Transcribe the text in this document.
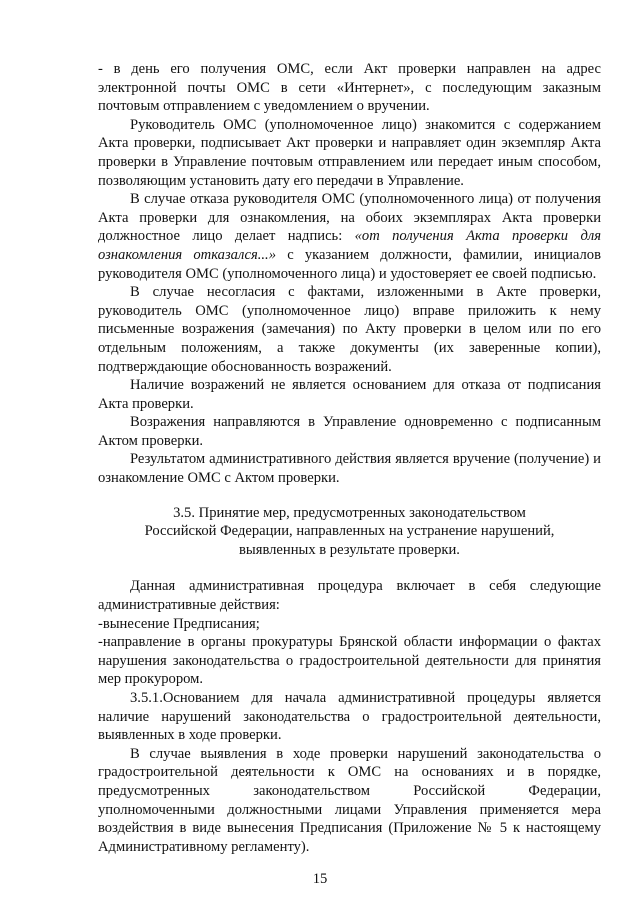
- в день его получения ОМС, если Акт проверки направлен на адрес электронной почты ОМС в сети «Интернет», с последующим заказным почтовым отправлением с уведомлением о вручении.

Руководитель ОМС (уполномоченное лицо) знакомится с содержанием Акта проверки, подписывает Акт проверки и направляет один экземпляр Акта проверки в Управление почтовым отправлением или передает иным способом, позволяющим установить дату его передачи в Управление.

В случае отказа руководителя ОМС (уполномоченного лица) от получения Акта проверки для ознакомления, на обоих экземплярах Акта проверки должностное лицо делает надпись: «от получения Акта проверки для ознакомления отказался...» с указанием должности, фамилии, инициалов руководителя ОМС (уполномоченного лица) и удостоверяет ее своей подписью.

В случае несогласия с фактами, изложенными в Акте проверки, руководитель ОМС (уполномоченное лицо) вправе приложить к нему письменные возражения (замечания) по Акту проверки в целом или по его отдельным положениям, а также документы (их заверенные копии), подтверждающие обоснованность возражений.

Наличие возражений не является основанием для отказа от подписания Акта проверки.

Возражения направляются в Управление одновременно с подписанным Актом проверки.

Результатом административного действия является вручение (получение) и ознакомление ОМС с Актом проверки.

3.5. Принятие мер, предусмотренных законодательством
Российской Федерации, направленных на устранение нарушений,
выявленных в результате проверки.

Данная административная процедура включает в себя следующие административные действия:

-вынесение Предписания;

-направление в органы прокуратуры Брянской области информации о фактах нарушения законодательства о градостроительной деятельности для принятия мер прокурором.

3.5.1.Основанием для начала административной процедуры является наличие нарушений законодательства о градостроительной деятельности, выявленных в ходе проверки.

В случае выявления в ходе проверки нарушений законодательства о градостроительной деятельности к ОМС на основаниях и в порядке, предусмотренных законодательством Российской Федерации, уполномоченными должностными лицами Управления применяется мера воздействия в виде вынесения Предписания (Приложение № 5 к настоящему Административному регламенту).

15
